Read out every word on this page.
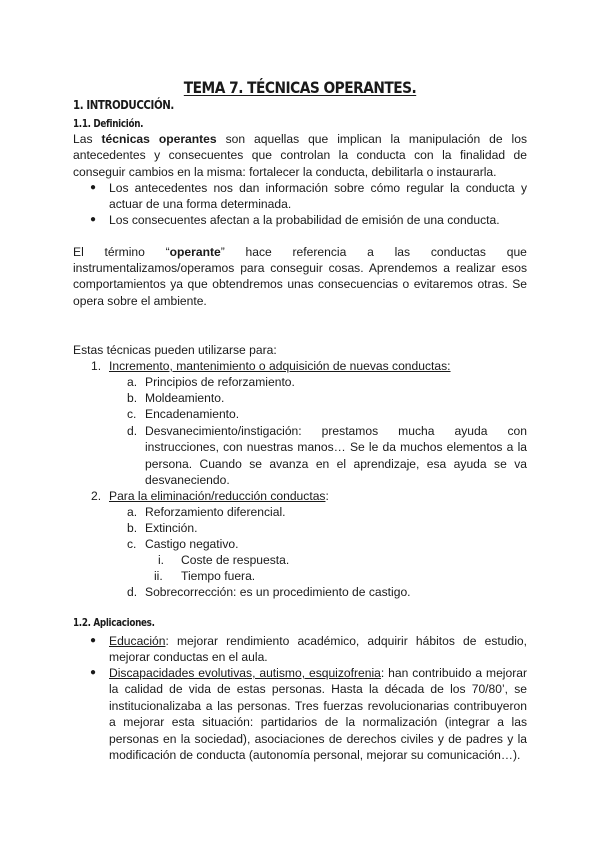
TEMA 7. TÉCNICAS OPERANTES.
1. INTRODUCCIÓN.
1.1. Definición.
Las técnicas operantes son aquellas que implican la manipulación de los antecedentes y consecuentes que controlan la conducta con la finalidad de conseguir cambios en la misma: fortalecer la conducta, debilitarla o instaurarla.
● Los antecedentes nos dan información sobre cómo regular la conducta y actuar de una forma determinada.
● Los consecuentes afectan a la probabilidad de emisión de una conducta.
El término “operante” hace referencia a las conductas que
instrumentalizamos/operamos para conseguir cosas. Aprendemos a realizar esos comportamientos ya que obtendremos unas consecuencias o evitaremos otras. Se opera sobre el ambiente.
Estas técnicas pueden utilizarse para:
1. Incremento, mantenimiento o adquisición de nuevas conductas:
a. Principios de reforzamiento.
b. Moldeamiento.
c. Encadenamiento.
d. Desvanecimiento/instigación: prestamos mucha ayuda con instrucciones, con nuestras manos… Se le da muchos elementos a la persona. Cuando se avanza en el aprendizaje, esa ayuda se va desvaneciendo.
2. Para la eliminación/reducción conductas:
a. Reforzamiento diferencial.
b. Extinción.
c. Castigo negativo.
i. Coste de respuesta.
ii. Tiempo fuera.
d. Sobrecorrección: es un procedimiento de castigo.
1.2. Aplicaciones.
● Educación: mejorar rendimiento académico, adquirir hábitos de estudio, mejorar conductas en el aula.
● Discapacidades evolutivas, autismo, esquizofrenia: han contribuido a mejorar la calidad de vida de estas personas. Hasta la década de los 70/80’, se institucionalizaba a las personas. Tres fuerzas revolucionarias contribuyeron a mejorar esta situación: partidarios de la normalización (integrar a las personas en la sociedad), asociaciones de derechos civiles y de padres y la modificación de conducta (autonomía personal, mejorar su comunicación…).
